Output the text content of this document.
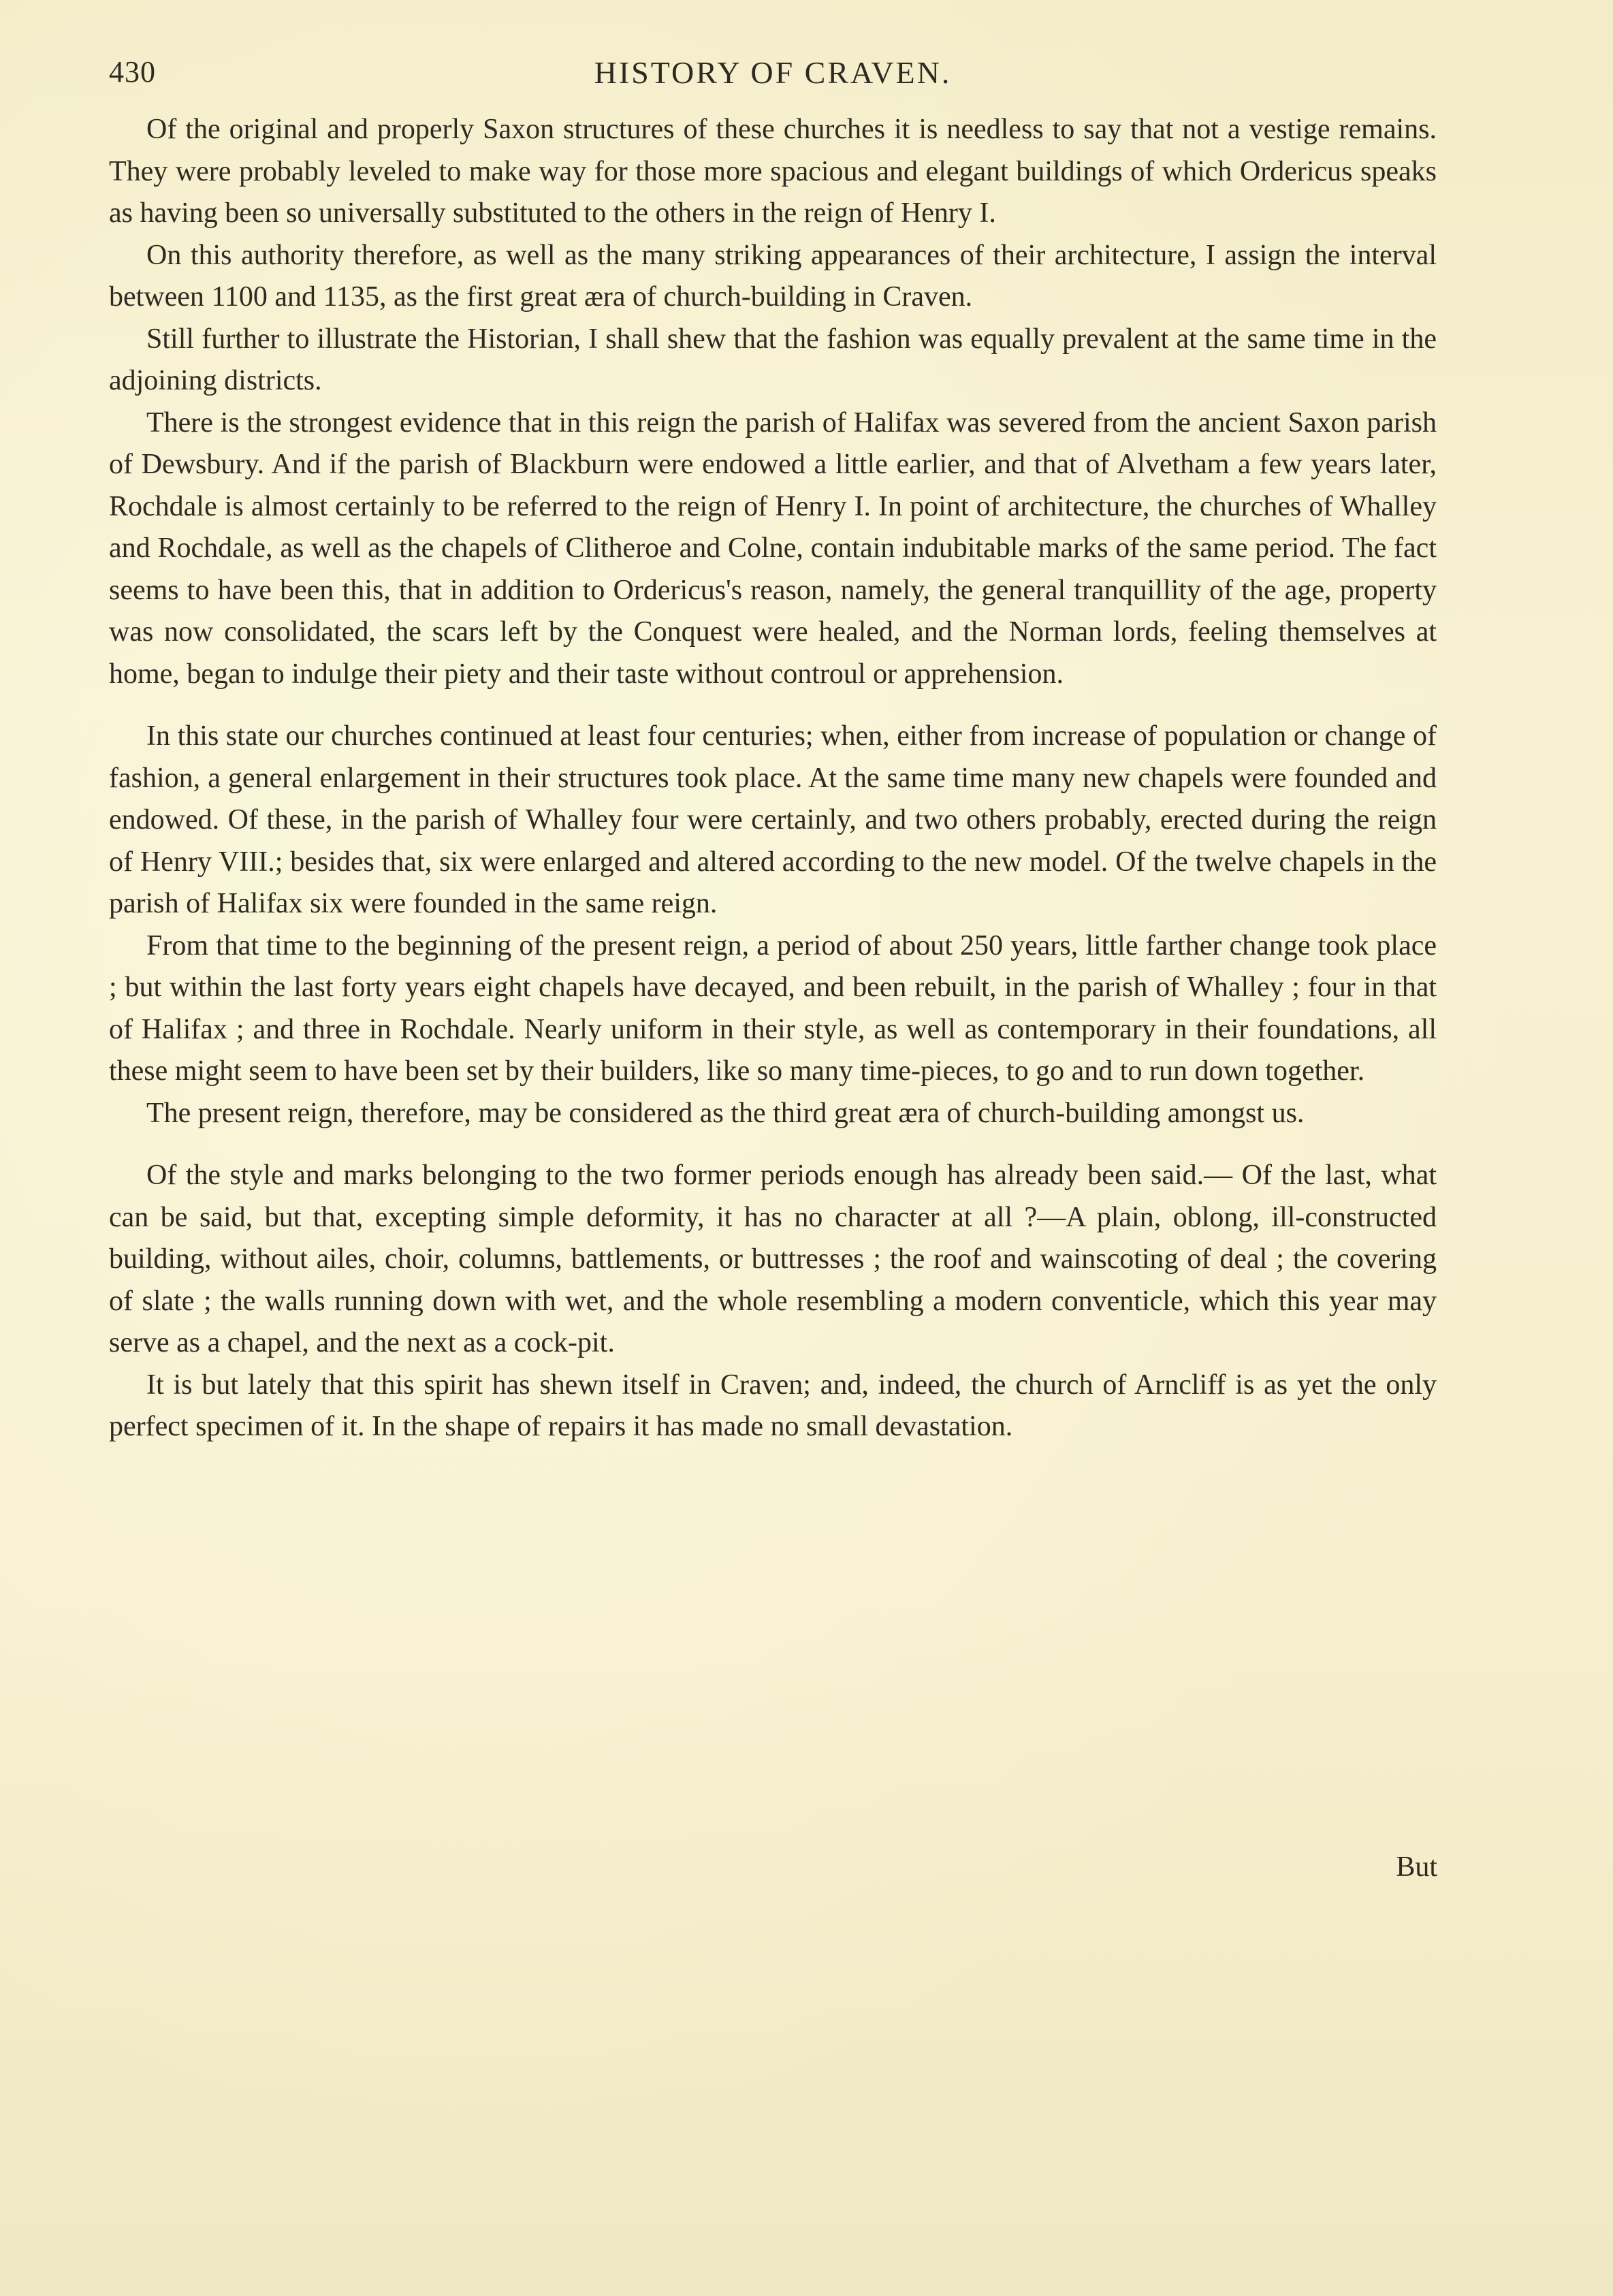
430	HISTORY OF CRAVEN.

Of the original and properly Saxon structures of these churches it is needless to say that not a vestige remains. They were probably leveled to make way for those more spacious and elegant buildings of which Ordericus speaks as having been so universally substituted to the others in the reign of Henry I.

On this authority therefore, as well as the many striking appearances of their architecture, I assign the interval between 1100 and 1135, as the first great æra of church-building in Craven.

Still further to illustrate the Historian, I shall shew that the fashion was equally prevalent at the same time in the adjoining districts.

There is the strongest evidence that in this reign the parish of Halifax was severed from the ancient Saxon parish of Dewsbury. And if the parish of Blackburn were endowed a little earlier, and that of Alvetham a few years later, Rochdale is almost certainly to be referred to the reign of Henry I. In point of architecture, the churches of Whalley and Rochdale, as well as the chapels of Clitheroe and Colne, contain indubitable marks of the same period. The fact seems to have been this, that in addition to Ordericus's reason, namely, the general tranquillity of the age, property was now consolidated, the scars left by the Conquest were healed, and the Norman lords, feeling themselves at home, began to indulge their piety and their taste without controul or apprehension.

In this state our churches continued at least four centuries; when, either from increase of population or change of fashion, a general enlargement in their structures took place. At the same time many new chapels were founded and endowed. Of these, in the parish of Whalley four were certainly, and two others probably, erected during the reign of Henry VIII.; besides that, six were enlarged and altered according to the new model. Of the twelve chapels in the parish of Halifax six were founded in the same reign.

From that time to the beginning of the present reign, a period of about 250 years, little farther change took place ; but within the last forty years eight chapels have decayed, and been rebuilt, in the parish of Whalley ; four in that of Halifax ; and three in Rochdale. Nearly uniform in their style, as well as contemporary in their foundations, all these might seem to have been set by their builders, like so many time-pieces, to go and to run down together.

The present reign, therefore, may be considered as the third great æra of church-building amongst us.

Of the style and marks belonging to the two former periods enough has already been said.— Of the last, what can be said, but that, excepting simple deformity, it has no character at all ?—A plain, oblong, ill-constructed building, without ailes, choir, columns, battlements, or buttresses ; the roof and wainscoting of deal ; the covering of slate ; the walls running down with wet, and the whole resembling a modern conventicle, which this year may serve as a chapel, and the next as a cock-pit.

It is but lately that this spirit has shewn itself in Craven; and, indeed, the church of Arncliff is as yet the only perfect specimen of it. In the shape of repairs it has made no small devastation.

But
